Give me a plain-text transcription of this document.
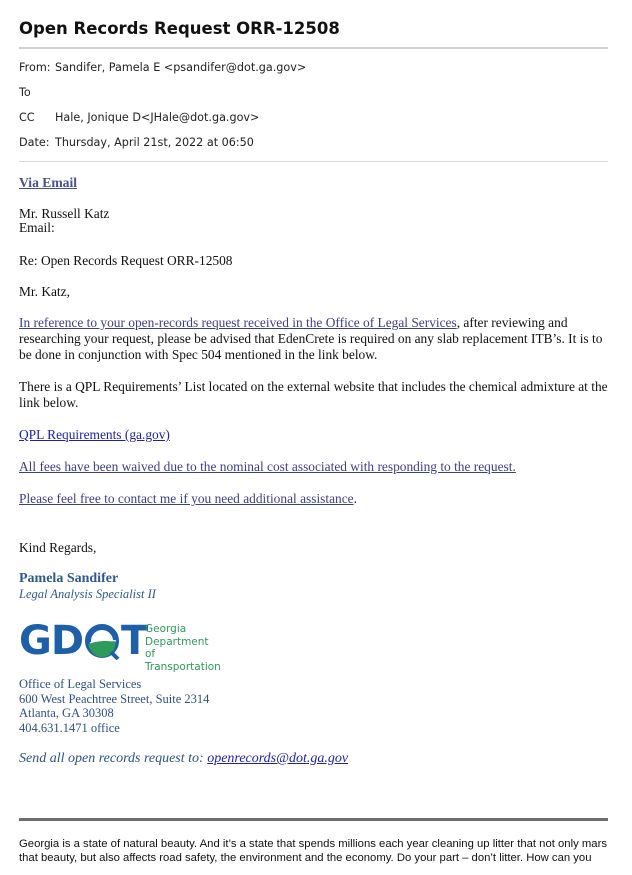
Open Records Request ORR-12508
From: Sandifer, Pamela E <psandifer@dot.ga.gov>
To
CC Hale, Jonique D<JHale@dot.ga.gov>
Date: Thursday, April 21st, 2022 at 06:50
Via Email
Mr. Russell Katz
Email:
Re: Open Records Request ORR-12508
Mr. Katz,
In reference to your open-records request received in the Office of Legal Services, after reviewing and researching your request, please be advised that EdenCrete is required on any slab replacement ITB’s. It is to be done in conjunction with Spec 504 mentioned in the link below.
There is a QPL Requirements’ List located on the external website that includes the chemical admixture at the link below.
QPL Requirements (ga.gov)
All fees have been waived due to the nominal cost associated with responding to the request.
Please feel free to contact me if you need additional assistance.
Kind Regards,
Pamela Sandifer
Legal Analysis Specialist II
G D T
Georgia
Department
of Transportation
Office of Legal Services
600 West Peachtree Street, Suite 2314
Atlanta, GA 30308
404.631.1471 office
Send all open records request to: openrecords@dot.ga.gov
Georgia is a state of natural beauty. And it’s a state that spends millions each year cleaning up litter that not only mars that beauty, but also affects road safety, the environment and the economy. Do your part – don’t litter. How can you
